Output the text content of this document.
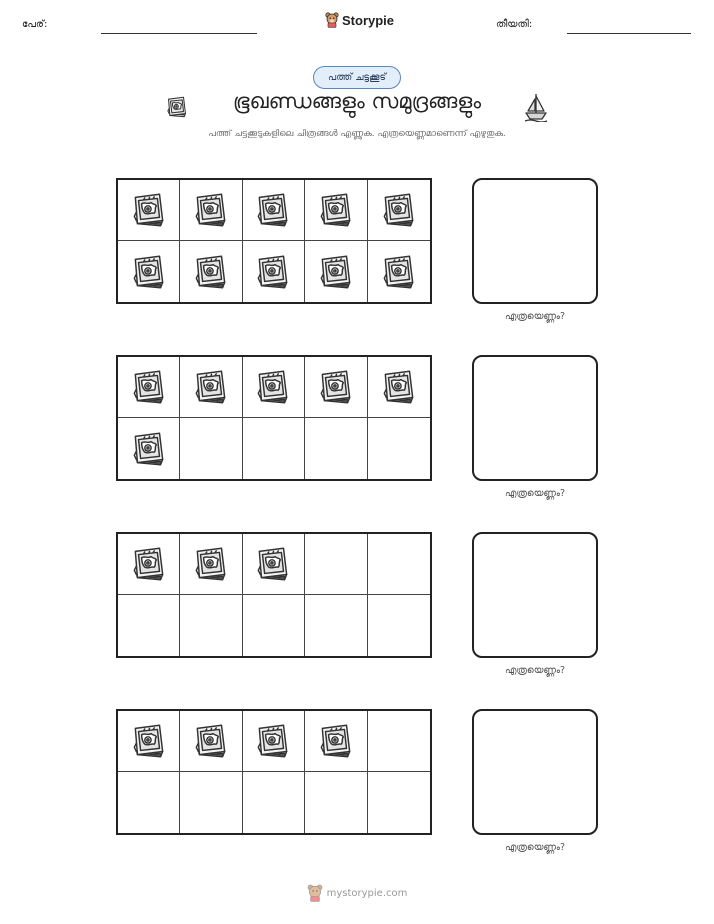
പേര്:	Storypie	തീയതി:
പത്ത് ചട്ടക്കൂട്
ഭൂഖണ്ഡങ്ങളും സമുദ്രങ്ങളും
പത്ത് ചട്ടക്കൂടുകളിലെ ചിത്രങ്ങൾ എണ്ണുക. എത്രയെണ്ണമാണെന്ന് എഴുതുക.
എത്രയെണ്ണം?
എത്രയെണ്ണം?
എത്രയെണ്ണം?
എത്രയെണ്ണം?
mystorypie.com
